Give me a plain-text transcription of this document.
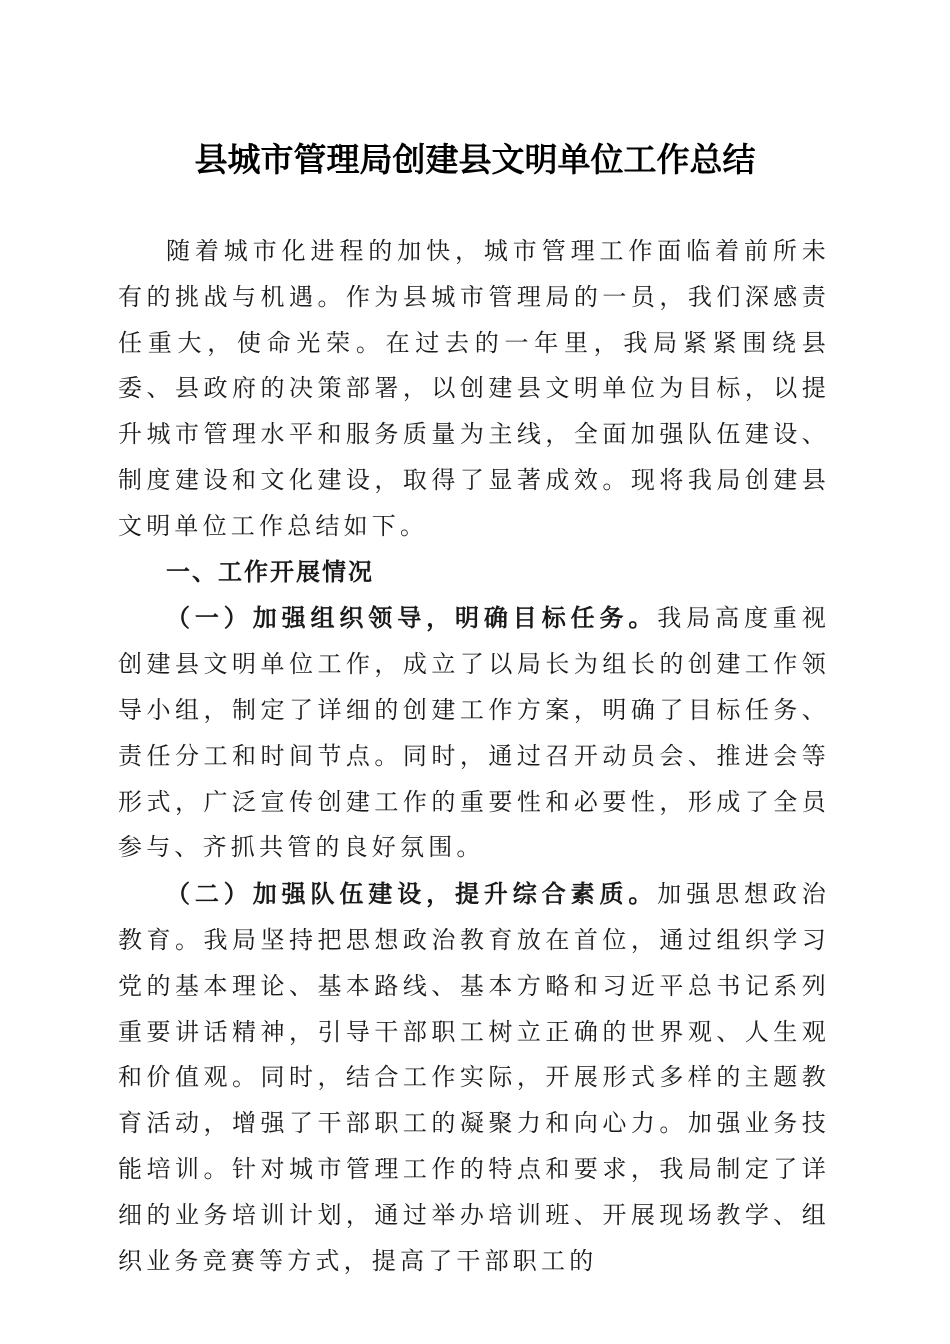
县城市管理局创建县文明单位工作总结

随着城市化进程的加快，城市管理工作面临着前所未有的挑战与机遇。作为县城市管理局的一员，我们深感责任重大，使命光荣。在过去的一年里，我局紧紧围绕县委、县政府的决策部署，以创建县文明单位为目标，以提升城市管理水平和服务质量为主线，全面加强队伍建设、制度建设和文化建设，取得了显著成效。现将我局创建县文明单位工作总结如下。

一、工作开展情况

（一）加强组织领导，明确目标任务。我局高度重视创建县文明单位工作，成立了以局长为组长的创建工作领导小组，制定了详细的创建工作方案，明确了目标任务、责任分工和时间节点。同时，通过召开动员会、推进会等形式，广泛宣传创建工作的重要性和必要性，形成了全员参与、齐抓共管的良好氛围。

（二）加强队伍建设，提升综合素质。加强思想政治教育。我局坚持把思想政治教育放在首位，通过组织学习党的基本理论、基本路线、基本方略和习近平总书记系列重要讲话精神，引导干部职工树立正确的世界观、人生观和价值观。同时，结合工作实际，开展形式多样的主题教育活动，增强了干部职工的凝聚力和向心力。加强业务技能培训。针对城市管理工作的特点和要求，我局制定了详细的业务培训计划，通过举办培训班、开展现场教学、组织业务竞赛等方式，提高了干部职工的
